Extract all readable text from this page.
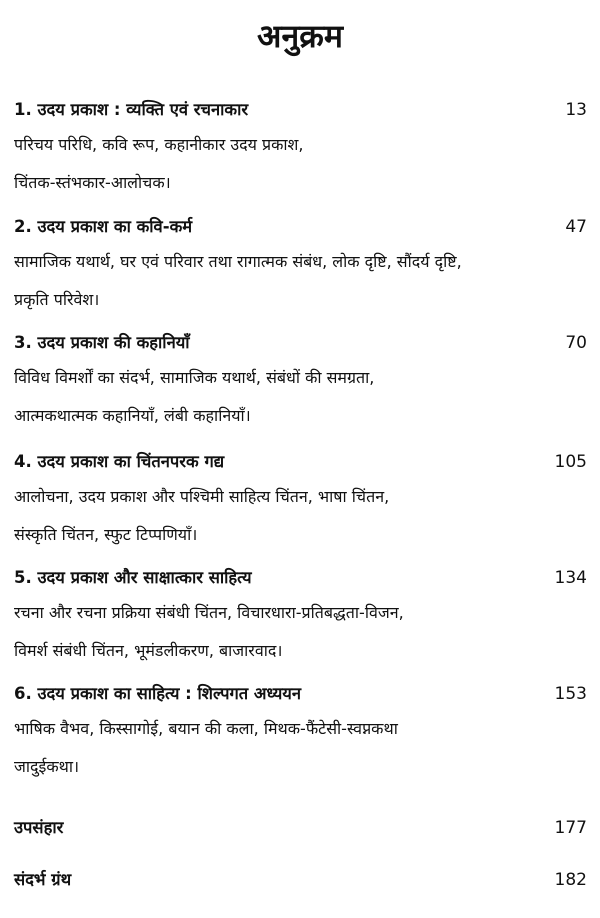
अनुक्रम
1. उदय प्रकाश : व्यक्ति एवं रचनाकार	13
परिचय परिधि, कवि रूप, कहानीकार उदय प्रकाश,
चिंतक-स्तंभकार-आलोचक।
2. उदय प्रकाश का कवि-कर्म	47
सामाजिक यथार्थ, घर एवं परिवार तथा रागात्मक संबंध, लोक दृष्टि, सौंदर्य दृष्टि,
प्रकृति परिवेश।
3. उदय प्रकाश की कहानियाँ	70
विविध विमर्शों का संदर्भ, सामाजिक यथार्थ, संबंधों की समग्रता,
आत्मकथात्मक कहानियाँ, लंबी कहानियाँ।
4. उदय प्रकाश का चिंतनपरक गद्य	105
आलोचना, उदय प्रकाश और पश्चिमी साहित्य चिंतन, भाषा चिंतन,
संस्कृति चिंतन, स्फुट टिप्पणियाँ।
5. उदय प्रकाश और साक्षात्कार साहित्य	134
रचना और रचना प्रक्रिया संबंधी चिंतन, विचारधारा-प्रतिबद्धता-विजन,
विमर्श संबंधी चिंतन, भूमंडलीकरण, बाजारवाद।
6. उदय प्रकाश का साहित्य : शिल्पगत अध्ययन	153
भाषिक वैभव, किस्सागोई, बयान की कला, मिथक-फैंटेसी-स्वप्नकथा
जादुईकथा।
उपसंहार	177
संदर्भ ग्रंथ	182
